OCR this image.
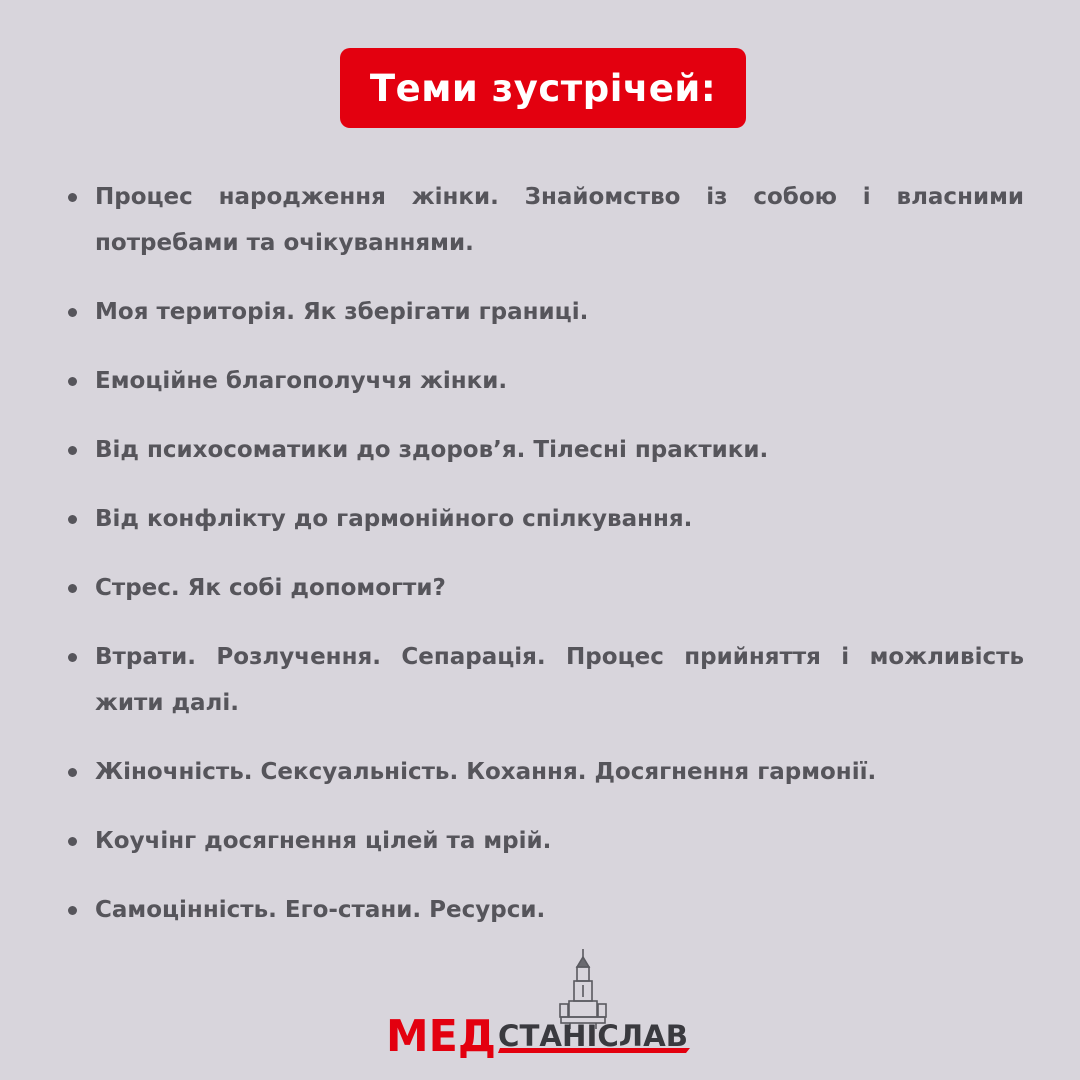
Теми зустрічей:
Процес народження жінки. Знайомство із собою і власними потребами та очікуваннями.
Моя територія. Як зберігати границі.
Емоційне благополуччя жінки.
Від психосоматики до здоров’я. Тілесні практики.
Від конфлікту до гармонійного спілкування.
Стрес. Як собі допомогти?
Втрати. Розлучення. Сепарація. Процес прийняття і можливість жити далі.
Жіночність. Сексуальність. Кохання. Досягнення гармонії.
Коучінг досягнення цілей та мрій.
Самоцінність. Его-стани. Ресурси.
МЕД СТАНІСЛАВ
